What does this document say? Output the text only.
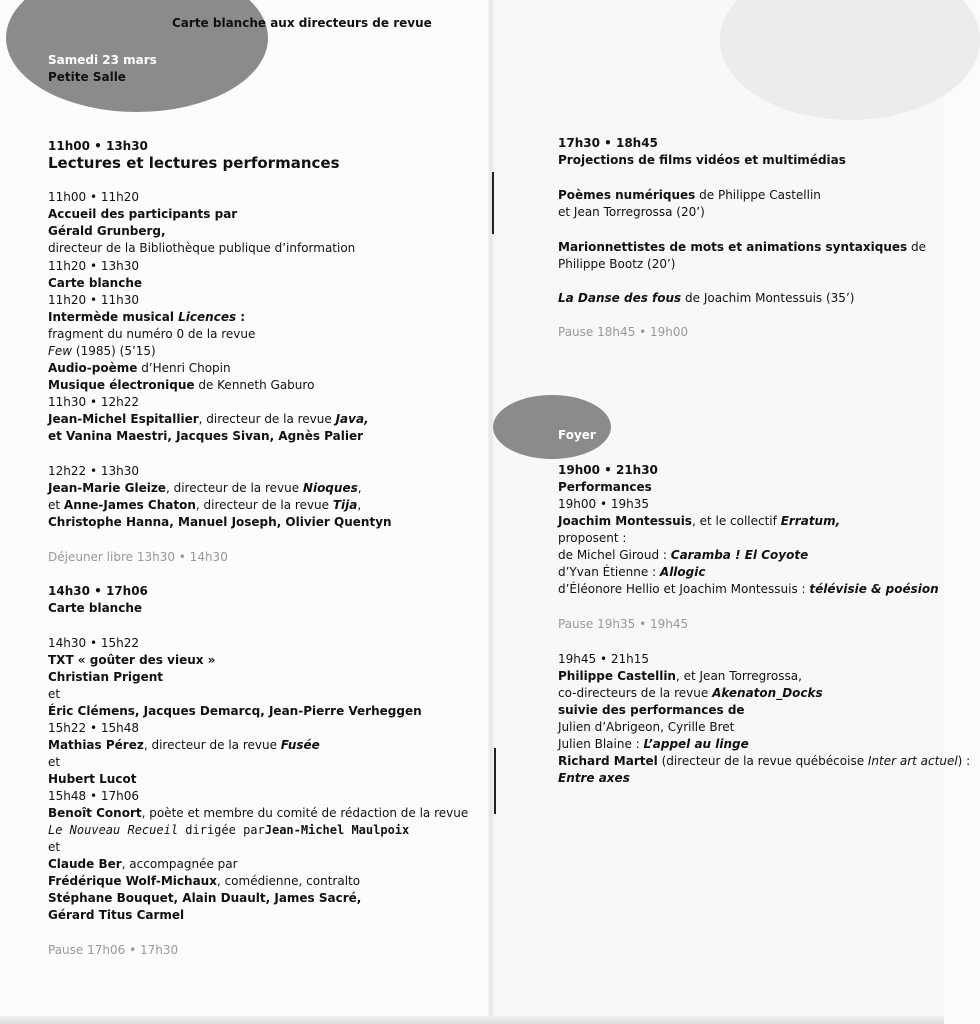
Samedi 23 mars
Petite Salle
Carte blanche aux directeurs de revue
11h00 • 13h30
Lectures et lectures performances
11h00 • 11h20
Accueil des participants par
Gérald Grunberg,
directeur de la Bibliothèque publique d’information
11h20 • 13h30
Carte blanche
11h20 • 11h30
Intermède musical Licences :
fragment du numéro 0 de la revue
Few (1985) (5’15)
Audio-poème d’Henri Chopin
Musique électronique de Kenneth Gaburo
11h30 • 12h22
Jean-Michel Espitallier, directeur de la revue Java,
et Vanina Maestri, Jacques Sivan, Agnès Palier
12h22 • 13h30
Jean-Marie Gleize, directeur de la revue Nioques,
et Anne-James Chaton, directeur de la revue Tija,
Christophe Hanna, Manuel Joseph, Olivier Quentyn
Déjeuner libre 13h30 • 14h30
14h30 • 17h06
Carte blanche
14h30 • 15h22
TXT « goûter des vieux »
Christian Prigent
et
Éric Clémens, Jacques Demarcq, Jean-Pierre Verheggen
15h22 • 15h48
Mathias Pérez, directeur de la revue Fusée
et
Hubert Lucot
15h48 • 17h06
Benoît Conort, poète et membre du comité de rédaction de la revue
Le Nouveau Recueil dirigée parJean-Michel Maulpoix
et
Claude Ber, accompagnée par
Frédérique Wolf-Michaux, comédienne, contralto
Stéphane Bouquet, Alain Duault, James Sacré,
Gérard Titus Carmel
Pause 17h06 • 17h30
17h30 • 18h45
Projections de films vidéos et multimédias
Poèmes numériques de Philippe Castellin
et Jean Torregrossa (20’)
Marionnettistes de mots et animations syntaxiques de
Philippe Bootz (20’)
La Danse des fous de Joachim Montessuis (35’)
Pause 18h45 • 19h00
Foyer
19h00 • 21h30
Performances
19h00 • 19h35
Joachim Montessuis, et le collectif Erratum,
proposent :
de Michel Giroud : Caramba ! El Coyote
d’Yvan Étienne : Allogic
d’Éléonore Hellio et Joachim Montessuis : télévisie & poésion
Pause 19h35 • 19h45
19h45 • 21h15
Philippe Castellin, et Jean Torregrossa,
co-directeurs de la revue Akenaton_Docks
suivie des performances de
Julien d’Abrigeon, Cyrille Bret
Julien Blaine : L’appel au linge
Richard Martel (directeur de la revue québécoise Inter art actuel) :
Entre axes
